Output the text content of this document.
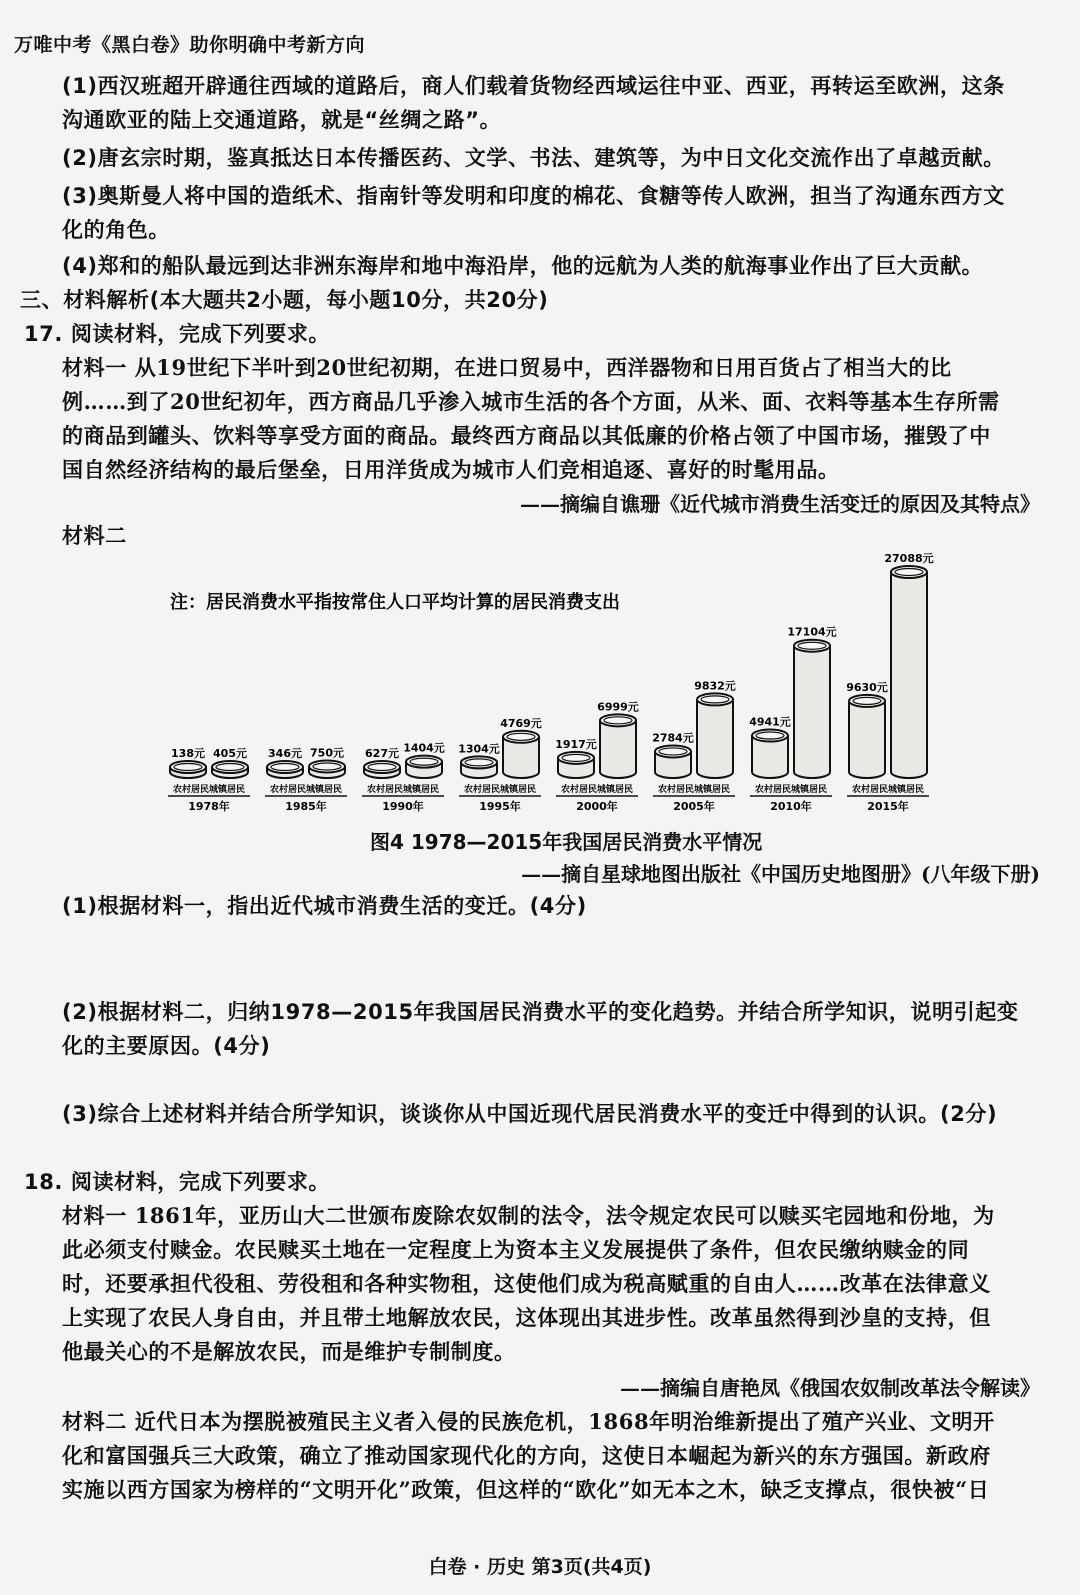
万唯中考《黑白卷》助你明确中考新方向
(1)西汉班超开辟通往西域的道路后，商人们载着货物经西域运往中亚、西亚，再转运至欧洲，这条
沟通欧亚的陆上交通道路，就是“丝绸之路”。
(2)唐玄宗时期，鉴真抵达日本传播医药、文学、书法、建筑等，为中日文化交流作出了卓越贡献。
(3)奥斯曼人将中国的造纸术、指南针等发明和印度的棉花、食糖等传人欧洲，担当了沟通东西方文
化的角色。
(4)郑和的船队最远到达非洲东海岸和地中海沿岸，他的远航为人类的航海事业作出了巨大贡献。
三、材料解析(本大题共2小题，每小题10分，共20分)
17. 阅读材料，完成下列要求。
材料一 从19世纪下半叶到20世纪初期，在进口贸易中，西洋器物和日用百货占了相当大的比
例……到了20世纪初年，西方商品几乎渗入城市生活的各个方面，从米、面、衣料等基本生存所需
的商品到罐头、饮料等享受方面的商品。最终西方商品以其低廉的价格占领了中国市场，摧毁了中
国自然经济结构的最后堡垒，日用洋货成为城市人们竞相追逐、喜好的时髦用品。
——摘编自谯珊《近代城市消费生活变迁的原因及其特点》
材料二
注：居民消费水平指按常住人口平均计算的居民消费支出
138元 405元
农村居民城镇居民
1978年
346元 750元
农村居民城镇居民
1985年
627元 1404元
农村居民城镇居民
1990年
1304元
4769元
农村居民城镇居民
1995年
1917元
6999元
农村居民城镇居民
2000年
2784元
9832元
农村居民城镇居民
2005年
4941元
17104元
农村居民城镇居民
2010年
9630元
27088元
农村居民城镇居民
2015年
图4 1978—2015年我国居民消费水平情况
——摘自星球地图出版社《中国历史地图册》(八年级下册)
(1)根据材料一，指出近代城市消费生活的变迁。(4分)
(2)根据材料二，归纳1978—2015年我国居民消费水平的变化趋势。并结合所学知识，说明引起变
化的主要原因。(4分)
(3)综合上述材料并结合所学知识，谈谈你从中国近现代居民消费水平的变迁中得到的认识。(2分)
18. 阅读材料，完成下列要求。
材料一 1861年，亚历山大二世颁布废除农奴制的法令，法令规定农民可以赎买宅园地和份地，为
此必须支付赎金。农民赎买土地在一定程度上为资本主义发展提供了条件，但农民缴纳赎金的同
时，还要承担代役租、劳役租和各种实物租，这使他们成为税高赋重的自由人……改革在法律意义
上实现了农民人身自由，并且带土地解放农民，这体现出其进步性。改革虽然得到沙皇的支持，但
他最关心的不是解放农民，而是维护专制制度。
——摘编自唐艳凤《俄国农奴制改革法令解读》
材料二 近代日本为摆脱被殖民主义者入侵的民族危机，1868年明治维新提出了殖产兴业、文明开
化和富国强兵三大政策，确立了推动国家现代化的方向，这使日本崛起为新兴的东方强国。新政府
实施以西方国家为榜样的“文明开化”政策，但这样的“欧化”如无本之木，缺乏支撑点，很快被“日
白卷 · 历史 第3页(共4页)
